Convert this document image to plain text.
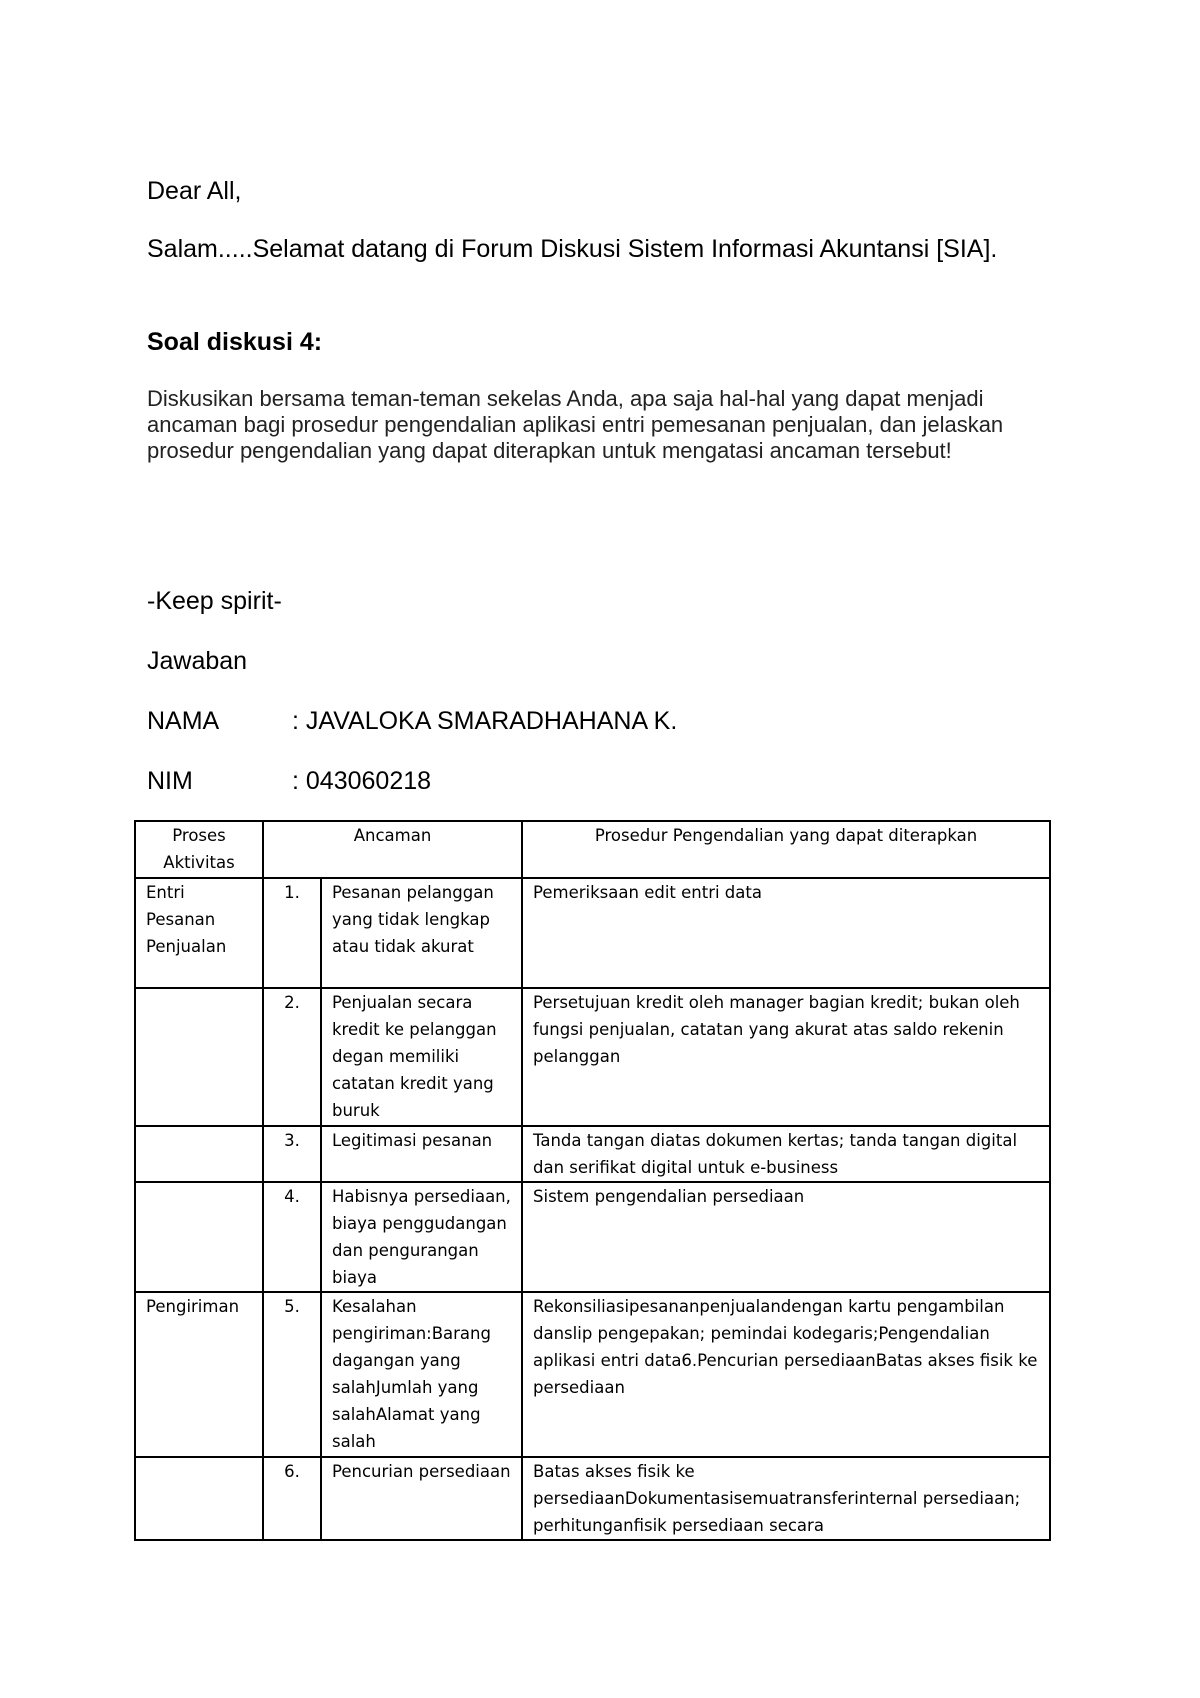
Dear All,
Salam.....Selamat datang di Forum Diskusi Sistem Informasi Akuntansi [SIA].
Soal diskusi 4:
Diskusikan bersama teman-teman sekelas Anda, apa saja hal-hal yang dapat menjadi ancaman bagi prosedur pengendalian aplikasi entri pemesanan penjualan, dan jelaskan prosedur pengendalian yang dapat diterapkan untuk mengatasi ancaman tersebut!
-Keep spirit-
Jawaban
NAMA	: JAVALOKA SMARADHAHANA K.
NIM	: 043060218
Proses Aktivitas	Ancaman		Prosedur Pengendalian yang dapat diterapkan
Entri Pesanan Penjualan	1.	Pesanan pelanggan yang tidak lengkap atau tidak akurat	Pemeriksaan edit entri data
	2.	Penjualan secara kredit ke pelanggan degan memiliki catatan kredit yang buruk	Persetujuan kredit oleh manager bagian kredit; bukan oleh fungsi penjualan, catatan yang akurat atas saldo rekenin pelanggan
	3.	Legitimasi pesanan	Tanda tangan diatas dokumen kertas; tanda tangan digital dan serifikat digital untuk e-business
	4.	Habisnya persediaan, biaya penggudangan dan pengurangan biaya	Sistem pengendalian persediaan
Pengiriman	5.	Kesalahan pengiriman:Barang dagangan yang salahJumlah yang salahAlamat yang salah	Rekonsiliasipesananpenjualandengan kartu pengambilan danslip pengepakan; pemindai kodegaris;Pengendalian aplikasi entri data6.Pencurian persediaanBatas akses fisik ke persediaan
	6.	Pencurian persediaan	Batas akses fisik ke persediaanDokumentasisemuatransferinternal persediaan; perhitunganfisik persediaan secara
